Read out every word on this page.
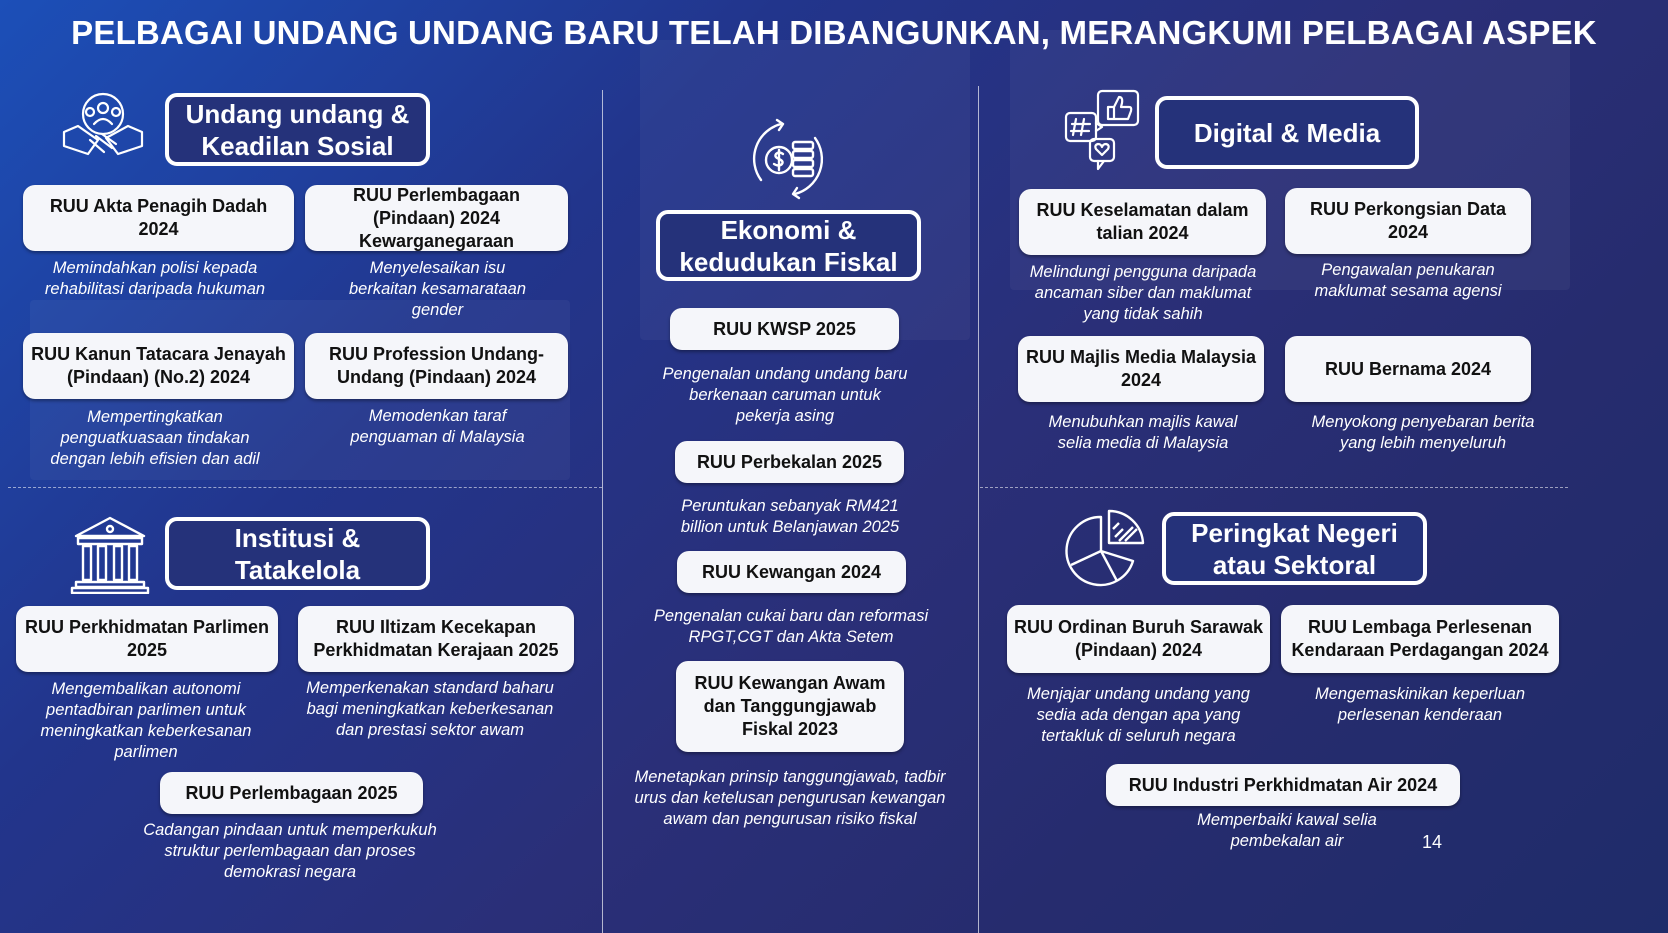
PELBAGAI UNDANG UNDANG BARU TELAH DIBANGUNKAN, MERANGKUMI PELBAGAI ASPEK
Undang undang & Keadilan Sosial
RUU Akta Penagih Dadah 2024
Memindahkan polisi kepada rehabilitasi daripada hukuman
RUU Perlembagaan (Pindaan) 2024 Kewarganegaraan
Menyelesaikan isu berkaitan kesamarataan gender
RUU Kanun Tatacara Jenayah (Pindaan) (No.2) 2024
Mempertingkatkan penguatkuasaan tindakan dengan lebih efisien dan adil
RUU Profession Undang-Undang (Pindaan) 2024
Memodenkan taraf penguaman di Malaysia
Institusi & Tatakelola
RUU Perkhidmatan Parlimen 2025
Mengembalikan autonomi pentadbiran parlimen untuk meningkatkan keberkesanan parlimen
RUU Iltizam Kecekapan Perkhidmatan Kerajaan 2025
Memperkenakan standard baharu bagi meningkatkan keberkesanan dan prestasi sektor awam
RUU Perlembagaan 2025
Cadangan pindaan untuk memperkukuh struktur perlembagaan dan proses demokrasi negara
Ekonomi & kedudukan Fiskal
RUU KWSP 2025
Pengenalan undang undang baru berkenaan caruman untuk pekerja asing
RUU Perbekalan 2025
Peruntukan sebanyak RM421 billion untuk Belanjawan 2025
RUU Kewangan 2024
Pengenalan cukai baru dan reformasi RPGT,CGT dan Akta Setem
RUU Kewangan Awam dan Tanggungjawab Fiskal 2023
Menetapkan prinsip tanggungjawab, tadbir urus dan ketelusan pengurusan kewangan awam dan pengurusan risiko fiskal
Digital & Media
RUU Keselamatan dalam talian 2024
Melindungi pengguna daripada ancaman siber dan maklumat yang tidak sahih
RUU Perkongsian Data 2024
Pengawalan penukaran maklumat sesama agensi
RUU Majlis Media Malaysia 2024
Menubuhkan majlis kawal selia media di Malaysia
RUU Bernama 2024
Menyokong penyebaran berita yang lebih menyeluruh
Peringkat Negeri atau Sektoral
RUU Ordinan Buruh Sarawak (Pindaan) 2024
Menjajar undang undang yang sedia ada dengan apa yang tertakluk di seluruh negara
RUU Lembaga Perlesenan Kendaraan Perdagangan 2024
Mengemaskinikan keperluan perlesenan kenderaan
RUU Industri Perkhidmatan Air 2024
Memperbaiki kawal selia pembekalan air	14
